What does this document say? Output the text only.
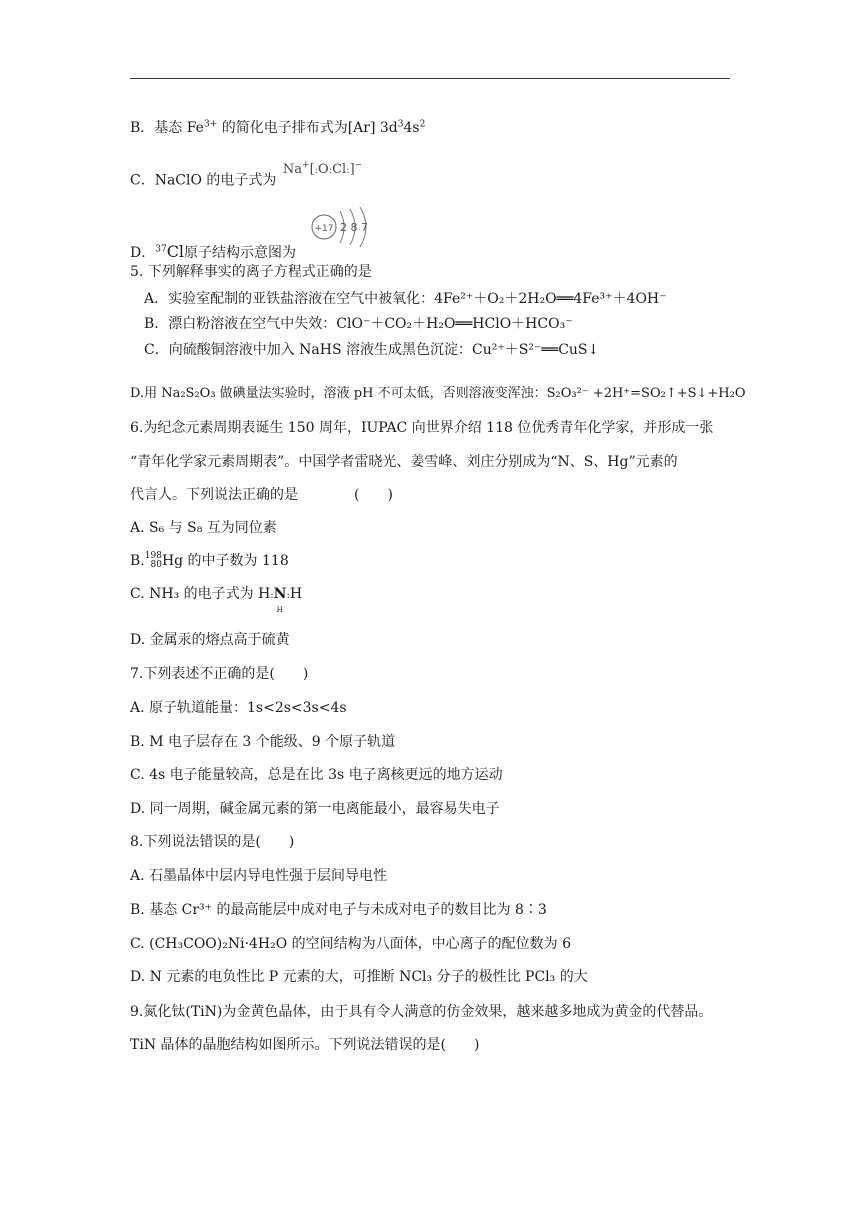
B．基态 $Fe^{3+}$ 的简化电子排布式为[Ar] $3d^34s^2$
C．NaClO 的电子式为 Na+[:O:Cl:]−
D．$^{37}$Cl原子结构示意图为
+17 2 8 7
5. 下列解释事实的离子方程式正确的是
A．实验室配制的亚铁盐溶液在空气中被氧化：4Fe²⁺＋O₂＋2H₂O══4Fe³⁺＋4OH⁻
B．漂白粉溶液在空气中失效：ClO⁻＋CO₂＋H₂O══HClO＋HCO₃⁻
C．向硫酸铜溶液中加入 NaHS 溶液生成黑色沉淀：Cu²⁺＋S²⁻══CuS↓
D.用 Na₂S₂O₃ 做碘量法实验时，溶液 pH 不可太低，否则溶液变浑浊：S₂O₃²⁻ +2H⁺=SO₂↑+S↓+H₂O
6.为纪念元素周期表诞生 150 周年，IUPAC 向世界介绍 118 位优秀青年化学家，并形成一张
“青年化学家元素周期表”。中国学者雷晓光、姜雪峰、刘庄分别成为“N、S、Hg”元素的
代言人。下列说法正确的是　　　　(　　)
A. S₆ 与 S₈ 互为同位素
B. 198
80 Hg 的中子数为 118
C. NH₃ 的电子式为 H:N
H
:H
D. 金属汞的熔点高于硫黄
7.下列表述不正确的是(　　)
A. 原子轨道能量：1s<2s<3s<4s
B. M 电子层存在 3 个能级、9 个原子轨道
C. 4s 电子能量较高，总是在比 3s 电子离核更远的地方运动
D. 同一周期，碱金属元素的第一电离能最小，最容易失电子
8.下列说法错误的是(　　)
A. 石墨晶体中层内导电性强于层间导电性
B. 基态 Cr³⁺ 的最高能层中成对电子与未成对电子的数目比为 8∶3
C. (CH₃COO)₂Ni·4H₂O 的空间结构为八面体，中心离子的配位数为 6
D. N 元素的电负性比 P 元素的大，可推断 NCl₃ 分子的极性比 PCl₃ 的大
9.氮化钛(TiN)为金黄色晶体，由于具有令人满意的仿金效果，越来越多地成为黄金的代替品。
TiN 晶体的晶胞结构如图所示。下列说法错误的是(　　)
